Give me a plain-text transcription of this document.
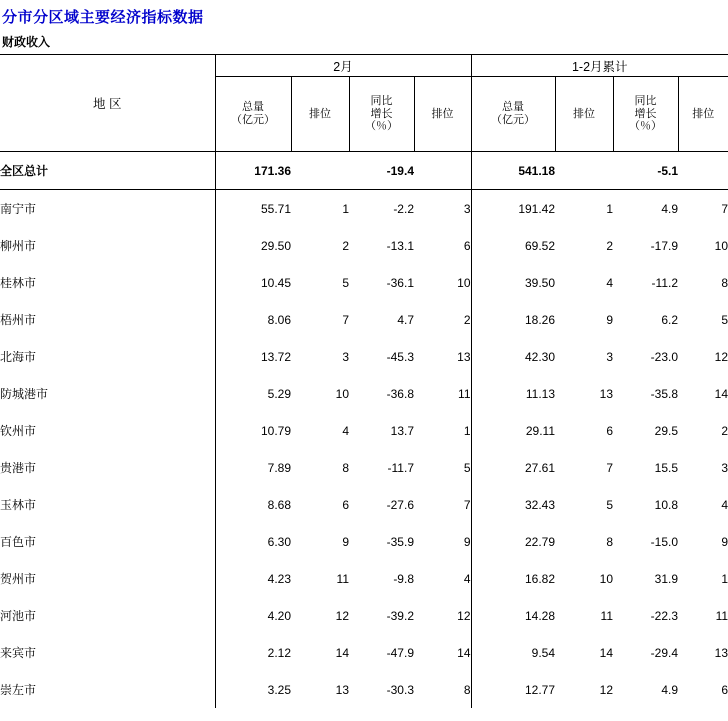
分市分区域主要经济指标数据
财政收入
地 区	2月				1-2月累计			

总量
（亿元）

排位

同比
增长
（％）

排位

总量
（亿元）

排位

同比
增长
（％）

排位

全区总计	171.36		-19.4		541.18		-5.1	
南宁市	55.71	1	-2.2	3	191.42	1	4.9	7
柳州市	29.50	2	-13.1	6	69.52	2	-17.9	10
桂林市	10.45	5	-36.1	10	39.50	4	-11.2	8
梧州市	8.06	7	4.7	2	18.26	9	6.2	5
北海市	13.72	3	-45.3	13	42.30	3	-23.0	12
防城港市	5.29	10	-36.8	11	11.13	13	-35.8	14
钦州市	10.79	4	13.7	1	29.11	6	29.5	2
贵港市	7.89	8	-11.7	5	27.61	7	15.5	3
玉林市	8.68	6	-27.6	7	32.43	5	10.8	4
百色市	6.30	9	-35.9	9	22.79	8	-15.0	9
贺州市	4.23	11	-9.8	4	16.82	10	31.9	1
河池市	4.20	12	-39.2	12	14.28	11	-22.3	11
来宾市	2.12	14	-47.9	14	9.54	14	-29.4	13
崇左市	3.25	13	-30.3	8	12.77	12	4.9	6
